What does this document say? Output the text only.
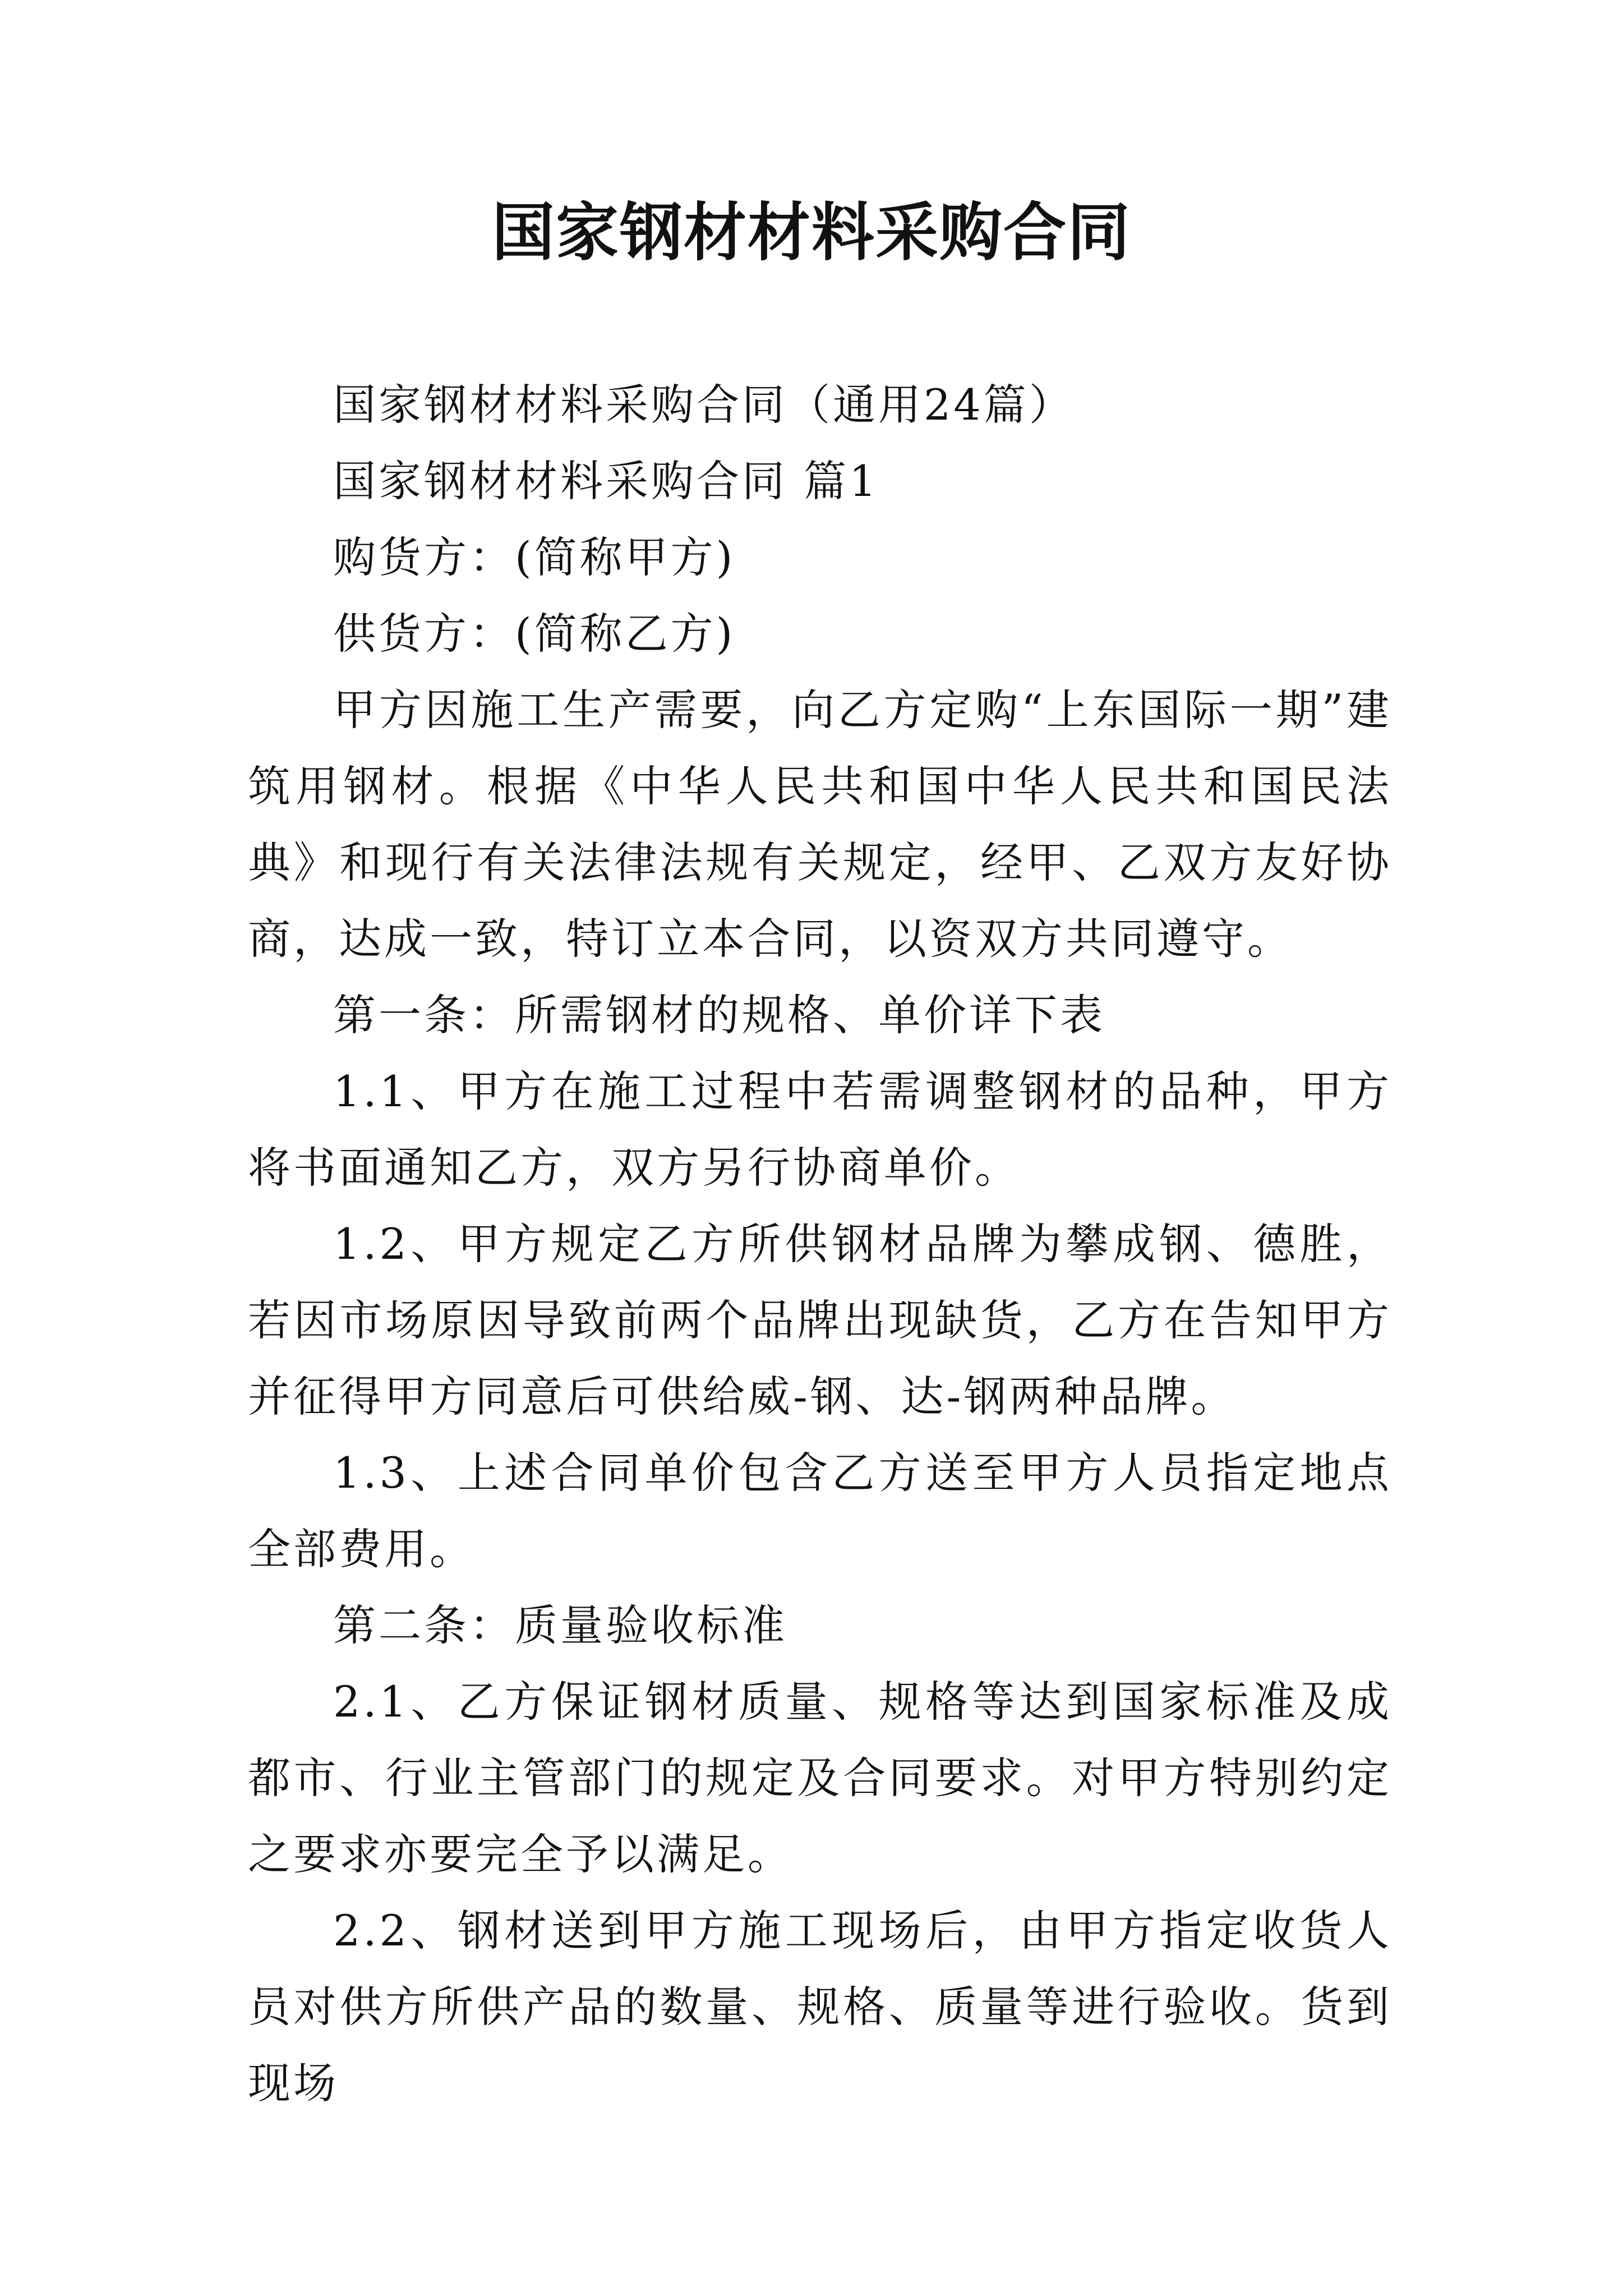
国家钢材材料采购合同

国家钢材材料采购合同（通用24篇）

国家钢材材料采购合同 篇1

购货方：(简称甲方)

供货方：(简称乙方)

甲方因施工生产需要，向乙方定购“上东国际一期”建筑用钢材。根据《中华人民共和国中华人民共和国民法典》和现行有关法律法规有关规定，经甲、乙双方友好协商，达成一致，特订立本合同，以资双方共同遵守。

第一条：所需钢材的规格、单价详下表

1.1、甲方在施工过程中若需调整钢材的品种，甲方将书面通知乙方，双方另行协商单价。

1.2、甲方规定乙方所供钢材品牌为攀成钢、德胜，若因市场原因导致前两个品牌出现缺货，乙方在告知甲方并征得甲方同意后可供给威-钢、达-钢两种品牌。

1.3、上述合同单价包含乙方送至甲方人员指定地点全部费用。

第二条：质量验收标准

2.1、乙方保证钢材质量、规格等达到国家标准及成都市、行业主管部门的规定及合同要求。对甲方特别约定之要求亦要完全予以满足。

2.2、钢材送到甲方施工现场后，由甲方指定收货人员对供方所供产品的数量、规格、质量等进行验收。货到现场
